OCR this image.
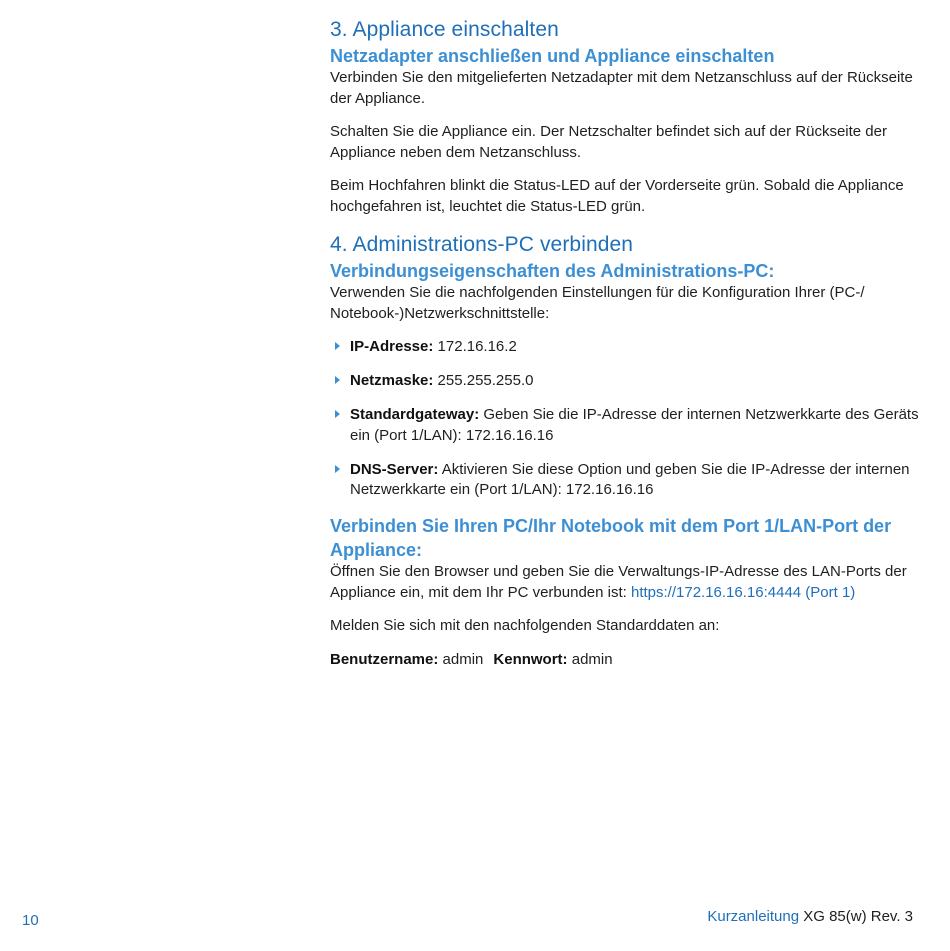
3. Appliance einschalten
Netzadapter anschließen und Appliance einschalten

Verbinden Sie den mitgelieferten Netzadapter mit dem Netzanschluss auf der Rückseite der Appliance.

Schalten Sie die Appliance ein. Der Netzschalter befindet sich auf der Rückseite der Appliance neben dem Netzanschluss.

Beim Hochfahren blinkt die Status-LED auf der Vorderseite grün. Sobald die Appliance hochgefahren ist, leuchtet die Status-LED grün.

4. Administrations-PC verbinden
Verbindungseigenschaften des Administrations-PC:

Verwenden Sie die nachfolgenden Einstellungen für die Konfiguration Ihrer (PC-/ Notebook-)Netzwerkschnittstelle:

IP-Adresse: 172.16.16.2
Netzmaske: 255.255.255.0
Standardgateway: Geben Sie die IP-Adresse der internen Netzwerkkarte des Geräts ein (Port 1/LAN): 172.16.16.16
DNS-Server: Aktivieren Sie diese Option und geben Sie die IP-Adresse der internen Netzwerkkarte ein (Port 1/LAN): 172.16.16.16
Verbinden Sie Ihren PC/Ihr Notebook mit dem Port 1/LAN-Port der Appliance:

Öffnen Sie den Browser und geben Sie die Verwaltungs-IP-Adresse des LAN-Ports der Appliance ein, mit dem Ihr PC verbunden ist: https://172.16.16.16:4444 (Port 1)

Melden Sie sich mit den nachfolgenden Standarddaten an:

Benutzername: admin Kennwort: admin

10	Kurzanleitung XG 85(w) Rev. 3
